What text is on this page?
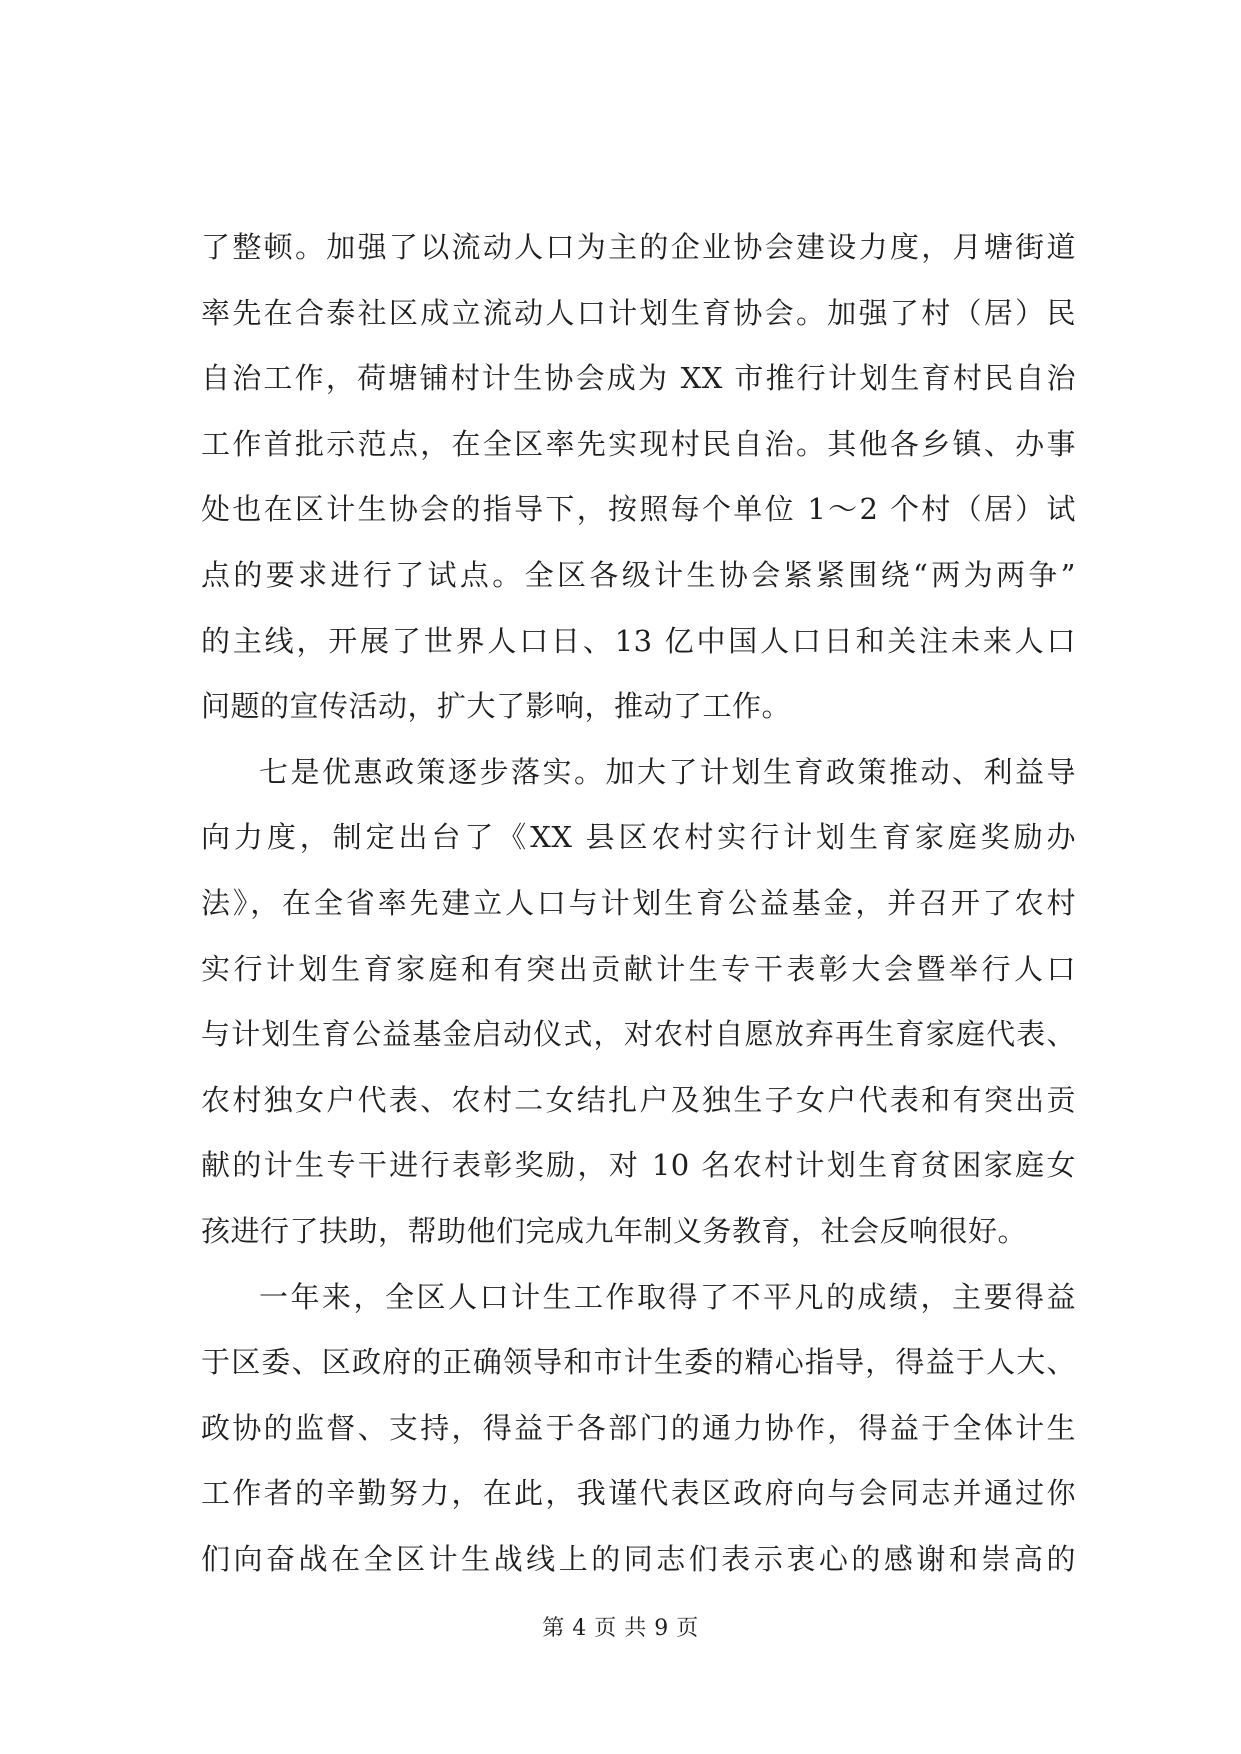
了整顿。加强了以流动人口为主的企业协会建设力度，月塘街道
率先在合泰社区成立流动人口计划生育协会。加强了村（居）民
自治工作，荷塘铺村计生协会成为 XX 市推行计划生育村民自治
工作首批示范点，在全区率先实现村民自治。其他各乡镇、办事
处也在区计生协会的指导下，按照每个单位 1～2 个村（居）试
点的要求进行了试点。全区各级计生协会紧紧围绕“两为两争”
的主线，开展了世界人口日、13 亿中国人口日和关注未来人口
问题的宣传活动，扩大了影响，推动了工作。
七是优惠政策逐步落实。加大了计划生育政策推动、利益导
向力度，制定出台了《XX 县区农村实行计划生育家庭奖励办
法》，在全省率先建立人口与计划生育公益基金，并召开了农村
实行计划生育家庭和有突出贡献计生专干表彰大会暨举行人口
与计划生育公益基金启动仪式，对农村自愿放弃再生育家庭代表、
农村独女户代表、农村二女结扎户及独生子女户代表和有突出贡
献的计生专干进行表彰奖励，对 10 名农村计划生育贫困家庭女
孩进行了扶助，帮助他们完成九年制义务教育，社会反响很好。
一年来，全区人口计生工作取得了不平凡的成绩，主要得益
于区委、区政府的正确领导和市计生委的精心指导，得益于人大、
政协的监督、支持，得益于各部门的通力协作，得益于全体计生
工作者的辛勤努力，在此，我谨代表区政府向与会同志并通过你
们向奋战在全区计生战线上的同志们表示衷心的感谢和崇高的
第 4 页 共 9 页
